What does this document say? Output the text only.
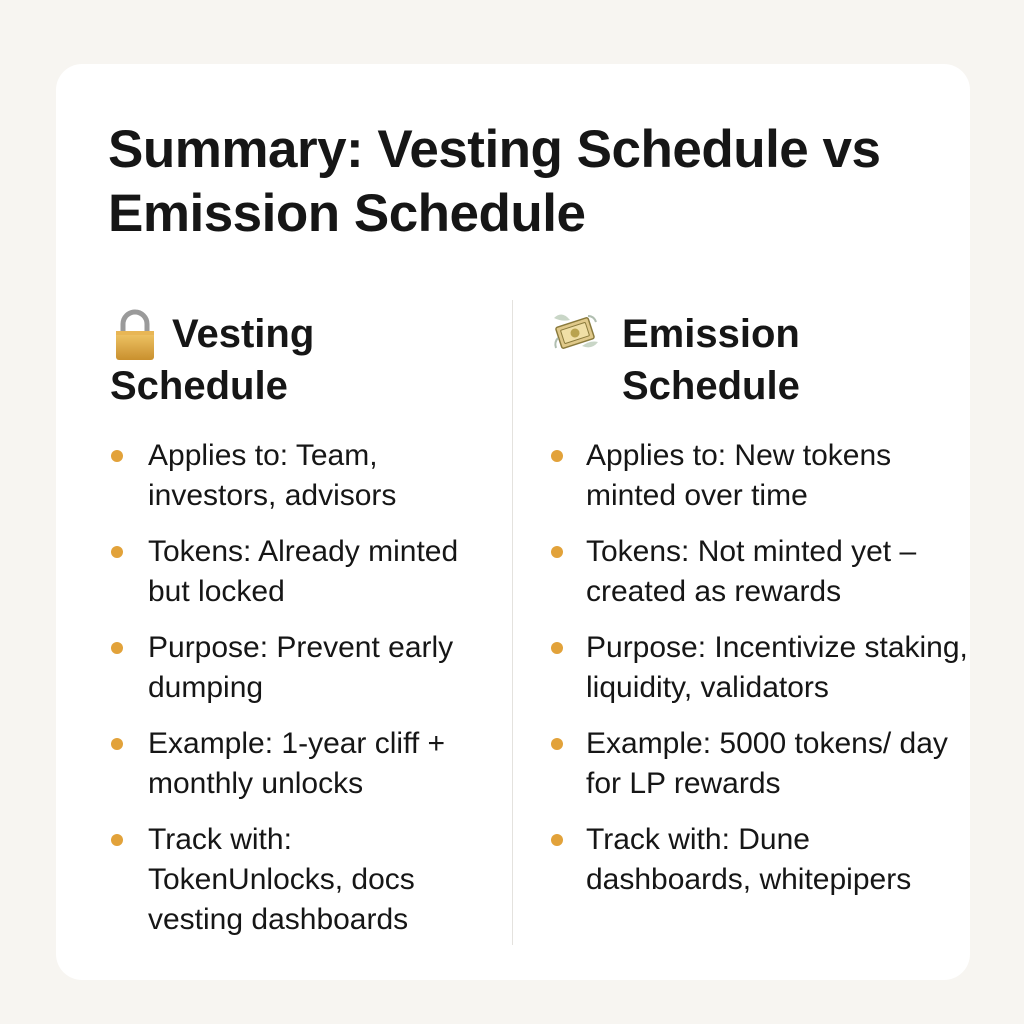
Summary: Vesting Schedule vs Emission Schedule
Vesting
Schedule
Applies to: Team, investors, advisors
Tokens: Already minted but locked
Purpose: Prevent early dumping
Example: 1-year cliff + monthly unlocks
Track with: TokenUnlocks, docs vesting dashboards
Emission
Schedule
Applies to: New tokens minted over time
Tokens: Not minted yet – created as rewards
Purpose: Incentivize staking, liquidity, validators
Example: 5000 tokens/ day for LP rewards
Track with: Dune dashboards, whitepipers
